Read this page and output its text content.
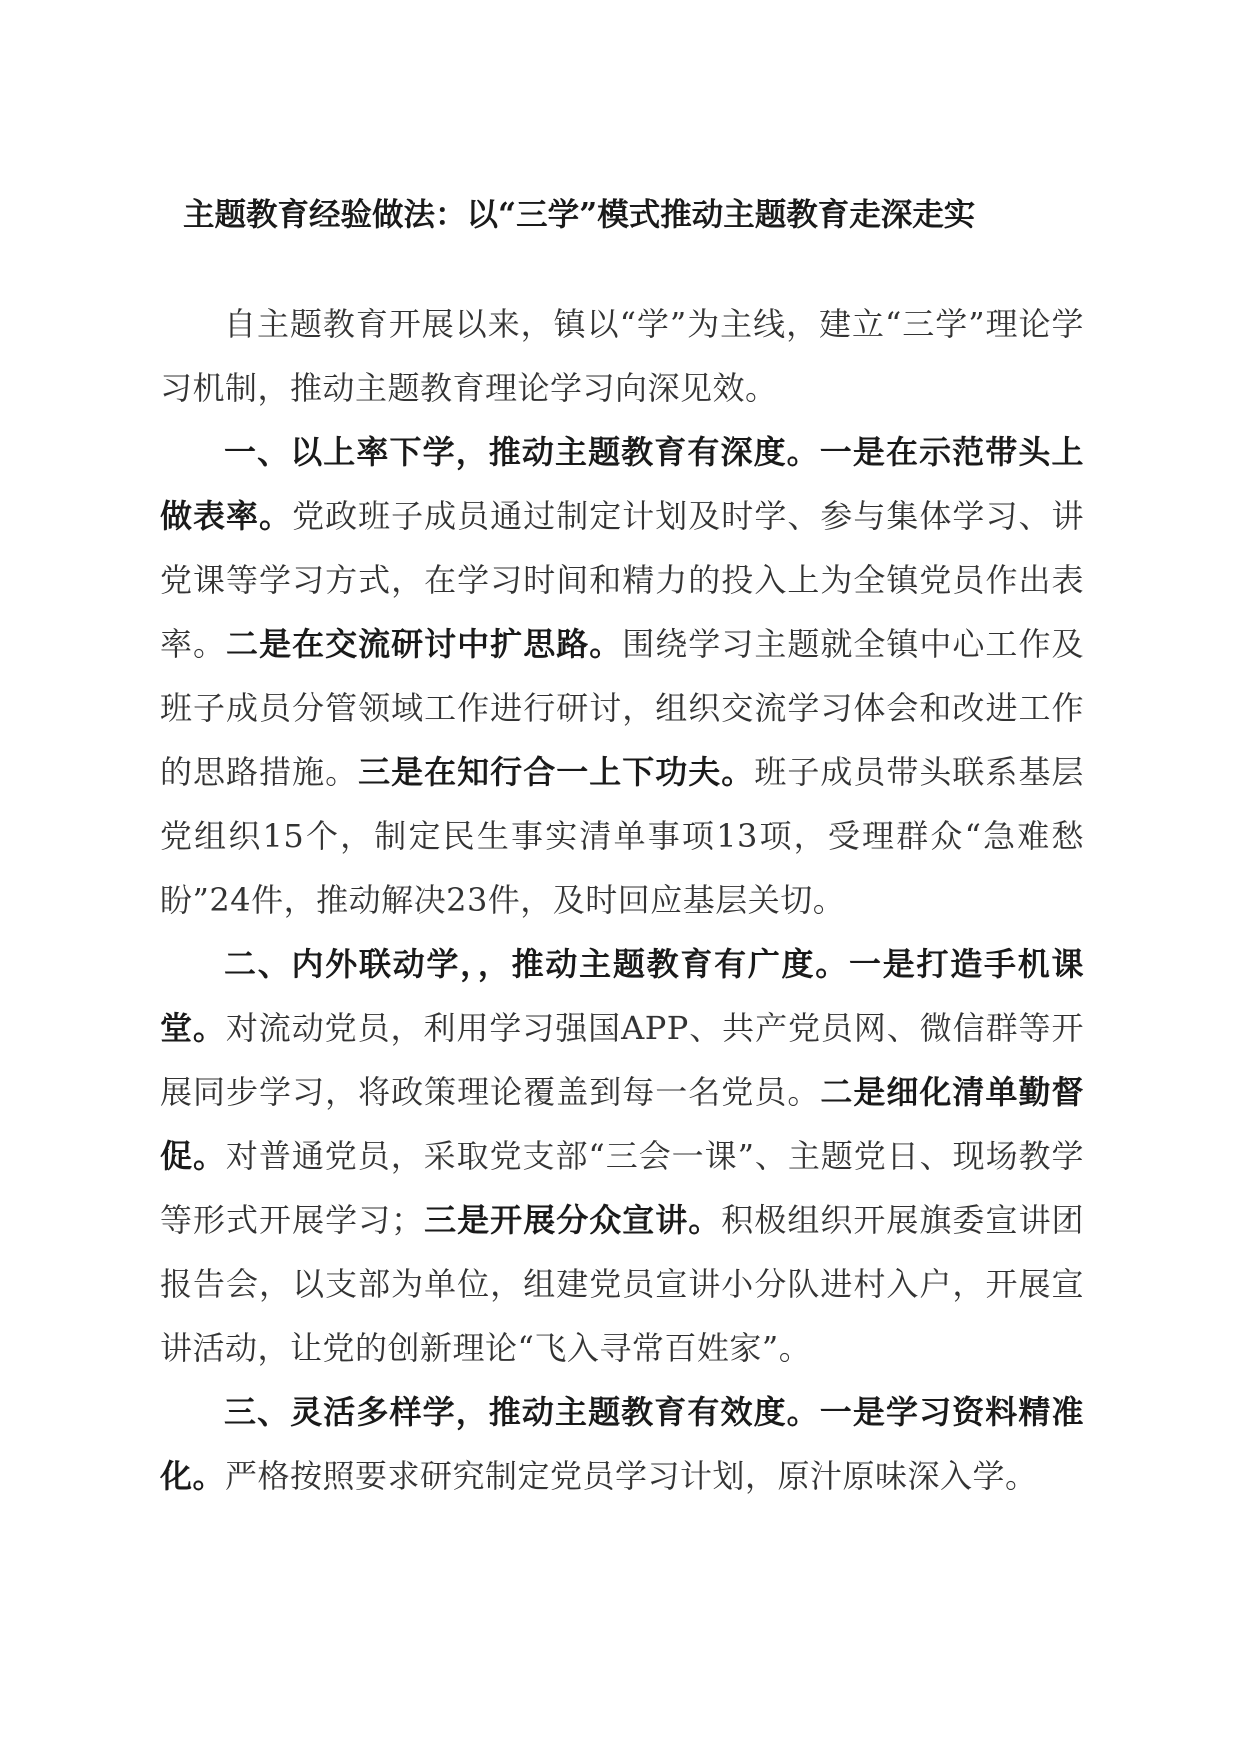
主题教育经验做法：以“三学”模式推动主题教育走深走实

自主题教育开展以来，镇以“学”为主线，建立“三学”理论学习机制，推动主题教育理论学习向深见效。

一、以上率下学，推动主题教育有深度。一是在示范带头上做表率。党政班子成员通过制定计划及时学、参与集体学习、讲党课等学习方式，在学习时间和精力的投入上为全镇党员作出表率。二是在交流研讨中扩思路。围绕学习主题就全镇中心工作及班子成员分管领域工作进行研讨，组织交流学习体会和改进工作的思路措施。三是在知行合一上下功夫。班子成员带头联系基层党组织15个，制定民生事实清单事项13项，受理群众“急难愁盼”24件，推动解决23件，及时回应基层关切。

二、内外联动学，，推动主题教育有广度。一是打造手机课堂。对流动党员，利用学习强国APP、共产党员网、微信群等开展同步学习，将政策理论覆盖到每一名党员。二是细化清单勤督促。对普通党员，采取党支部“三会一课”、主题党日、现场教学等形式开展学习；三是开展分众宣讲。积极组织开展旗委宣讲团报告会，以支部为单位，组建党员宣讲小分队进村入户，开展宣讲活动，让党的创新理论“飞入寻常百姓家”。

三、灵活多样学，推动主题教育有效度。一是学习资料精准化。严格按照要求研究制定党员学习计划，原汁原味深入学。
